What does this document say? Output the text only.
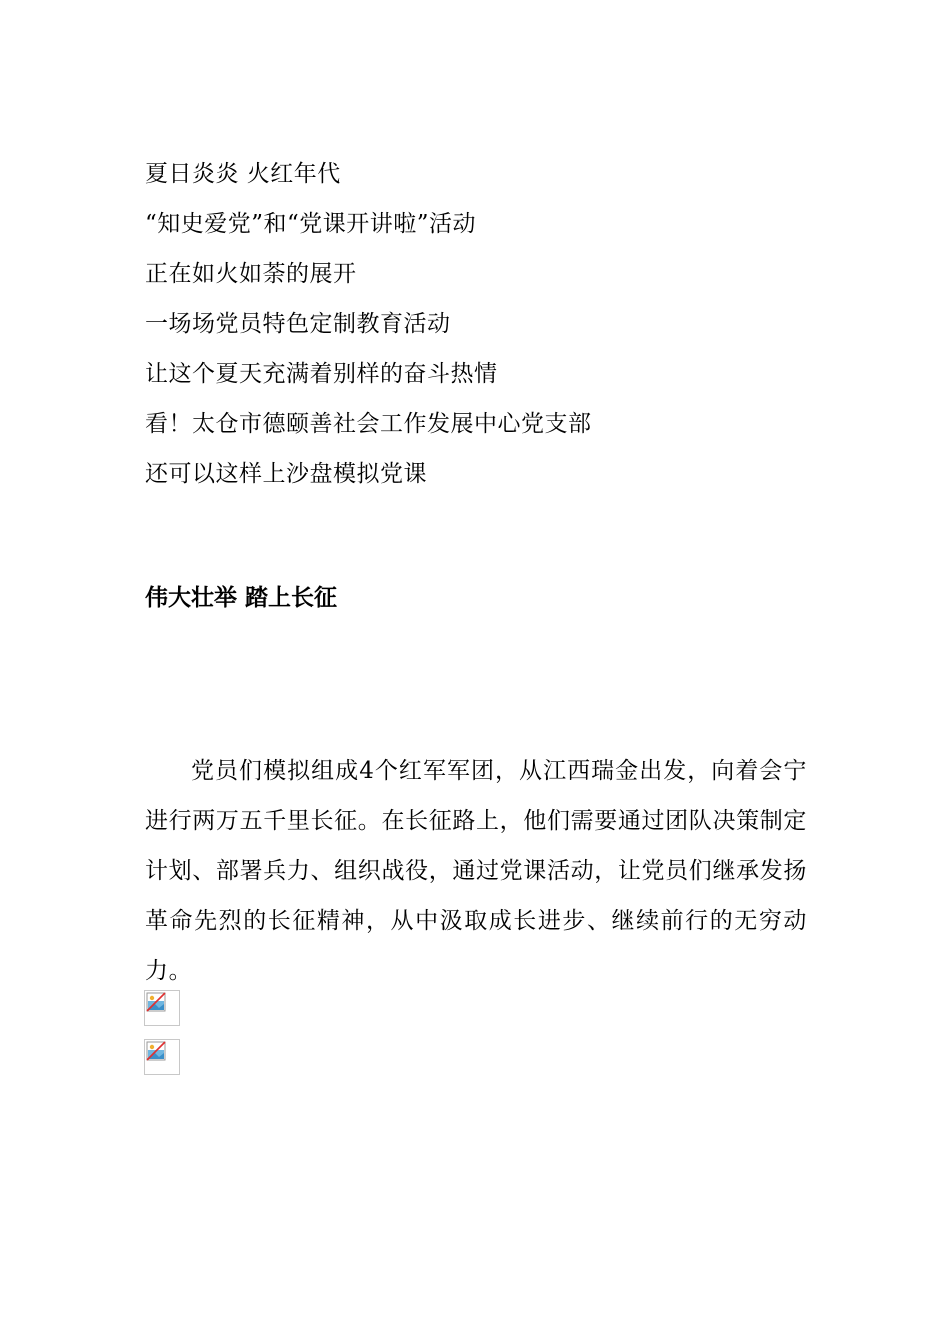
夏日炎炎 火红年代
“知史爱党”和“党课开讲啦”活动
正在如火如荼的展开
一场场党员特色定制教育活动
让这个夏天充满着别样的奋斗热情
看！太仓市德颐善社会工作发展中心党支部
还可以这样上沙盘模拟党课
伟大壮举 踏上长征

党员们模拟组成4个红军军团，从江西瑞金出发，向着会宁进行两万五千里长征。在长征路上，他们需要通过团队决策制定计划、部署兵力、组织战役，通过党课活动，让党员们继承发扬革命先烈的长征精神，从中汲取成长进步、继续前行的无穷动力。
